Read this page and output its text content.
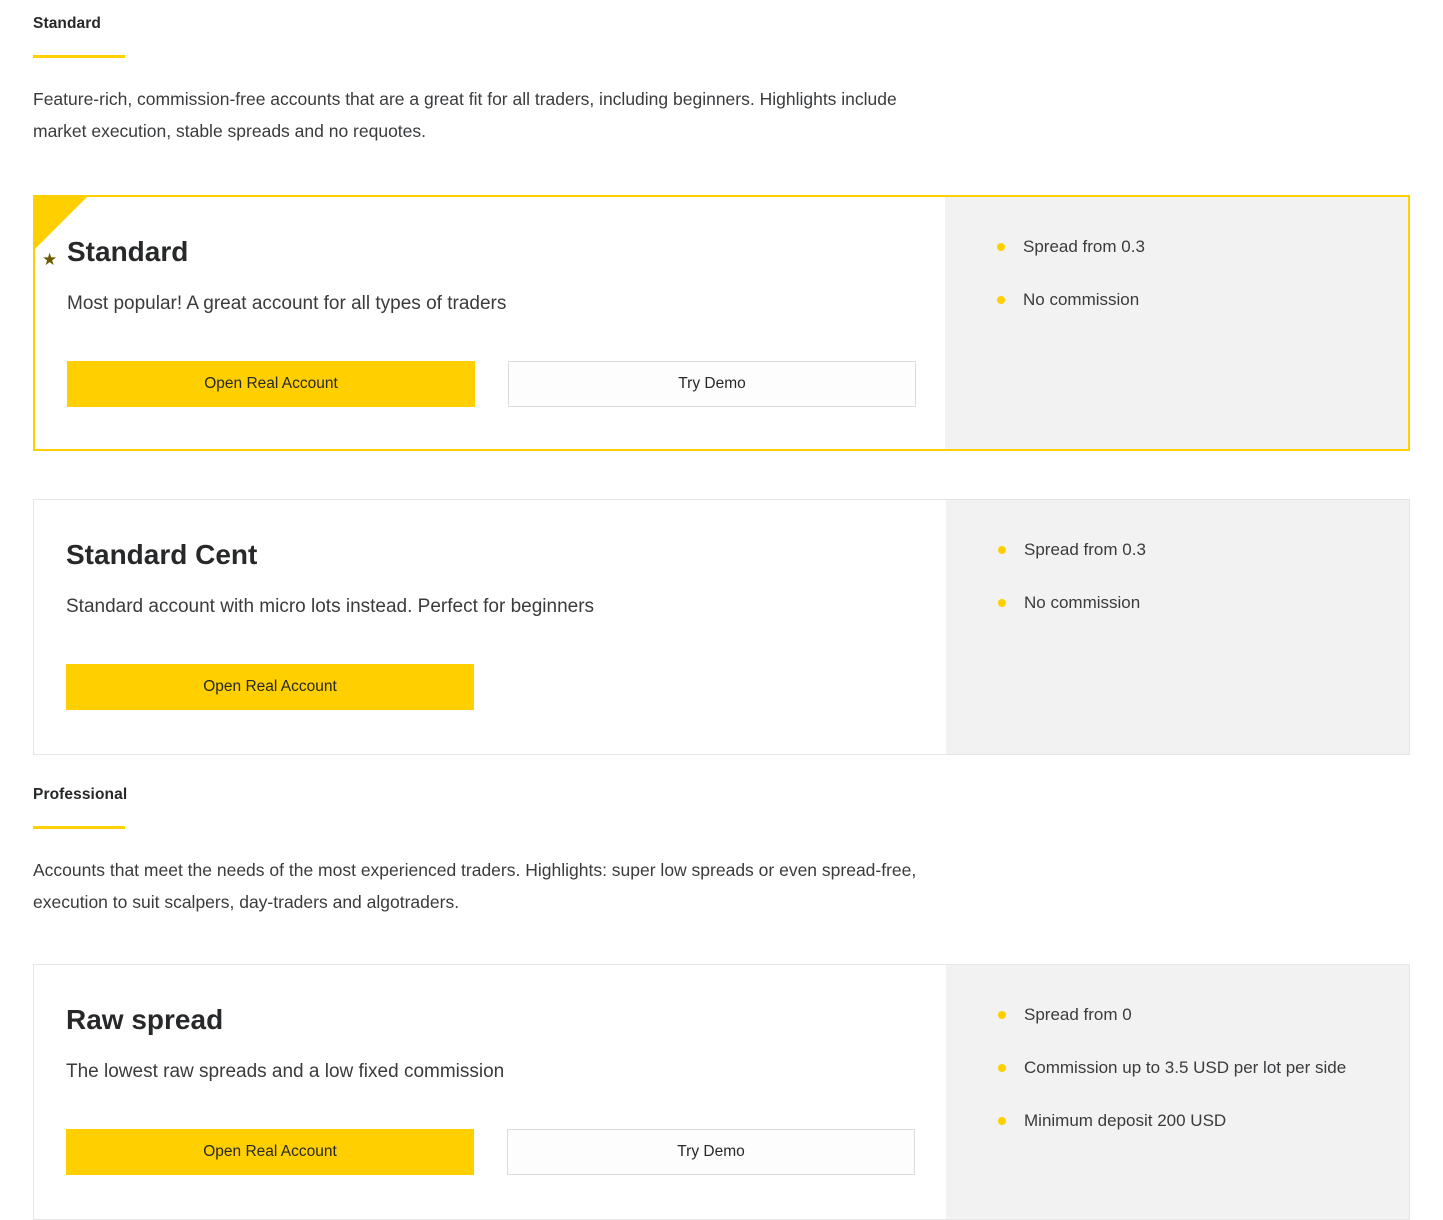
Standard
Feature-rich, commission-free accounts that are a great fit for all traders, including beginners. Highlights include market execution, stable spreads and no requotes.
★ Standard
Most popular! A great account for all types of traders
Open Real Account	Try Demo
Spread from 0.3
No commission
Standard Cent
Standard account with micro lots instead. Perfect for beginners
Open Real Account
Spread from 0.3
No commission
Professional
Accounts that meet the needs of the most experienced traders. Highlights: super low spreads or even spread-free, execution to suit scalpers, day-traders and algotraders.
Raw spread
The lowest raw spreads and a low fixed commission
Open Real Account	Try Demo
Spread from 0
Commission up to 3.5 USD per lot per side
Minimum deposit 200 USD
